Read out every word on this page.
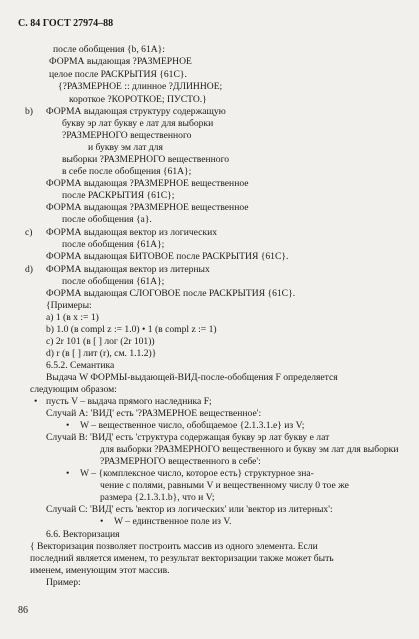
С. 84 ГОСТ 27974–88
после обобщения {b, 61A}:
ФОРМА выдающая ?РАЗМЕРНОЕ
целое после РАСКРЫТИЯ {61C}.
{?РАЗМЕРНОЕ :: длинное ?ДЛИННОЕ;
короткое ?КОРОТКОЕ; ПУСТО.}
b) ФОРМА выдающая структуру содержащую
букву эр лат букву е лат для выборки
?РАЗМЕРНОГО вещественного
и букву эм лат для
выборки ?РАЗМЕРНОГО вещественного
в себе после обобщения {61A};
ФОРМА выдающая ?РАЗМЕРНОЕ вещественное
после РАСКРЫТИЯ {61C};
ФОРМА выдающая ?РАЗМЕРНОЕ вещественное
после обобщения {a}.
c) ФОРМА выдающая вектор из логических
после обобщения {61A};
ФОРМА выдающая БИТОВОЕ после РАСКРЫТИЯ {61C}.
d) ФОРМА выдающая вектор из литерных
после обобщения {61A};
ФОРМА выдающая СЛОГОВОЕ после РАСКРЫТИЯ {61C}.
{Примеры:
a) 1 (в x := 1)
b) 1.0 (в compl z := 1.0) • 1 (в compl z := 1)
c) 2r 101 (в [ ] лог (2r 101))
d) r (в [ ] лит (r), см. 1.1.2)}
6.5.2. Семантика
Выдача W ФОРМЫ-выдающей-ВИД-после-обобщения F определяется
следующим образом:
• пусть V – выдача прямого наследника F;
Случай A: 'ВИД' есть '?РАЗМЕРНОЕ вещественное':
• W – вещественное число, обобщаемое {2.1.3.1.e} из V;
Случай B: 'ВИД' есть 'структура содержащая букву эр лат букву е лат
для выборки ?РАЗМЕРНОГО вещественного и букву эм лат для выборки
?РАЗМЕРНОГО вещественного в себе':
• W – {комплексное число, которое есть} структурное зна-
чение с полями, равными V и вещественному числу 0 тое же
размера {2.1.3.1.b}, что и V;
Случай C: 'ВИД' есть 'вектор из логических' или 'вектор из литерных':
• W – единственное поле из V.
6.6. Векторизация
{ Векторизация позволяет построить массив из одного элемента. Если
последний является именем, то результат векторизации также может быть
именем, именующим этот массив.
Пример:
86
